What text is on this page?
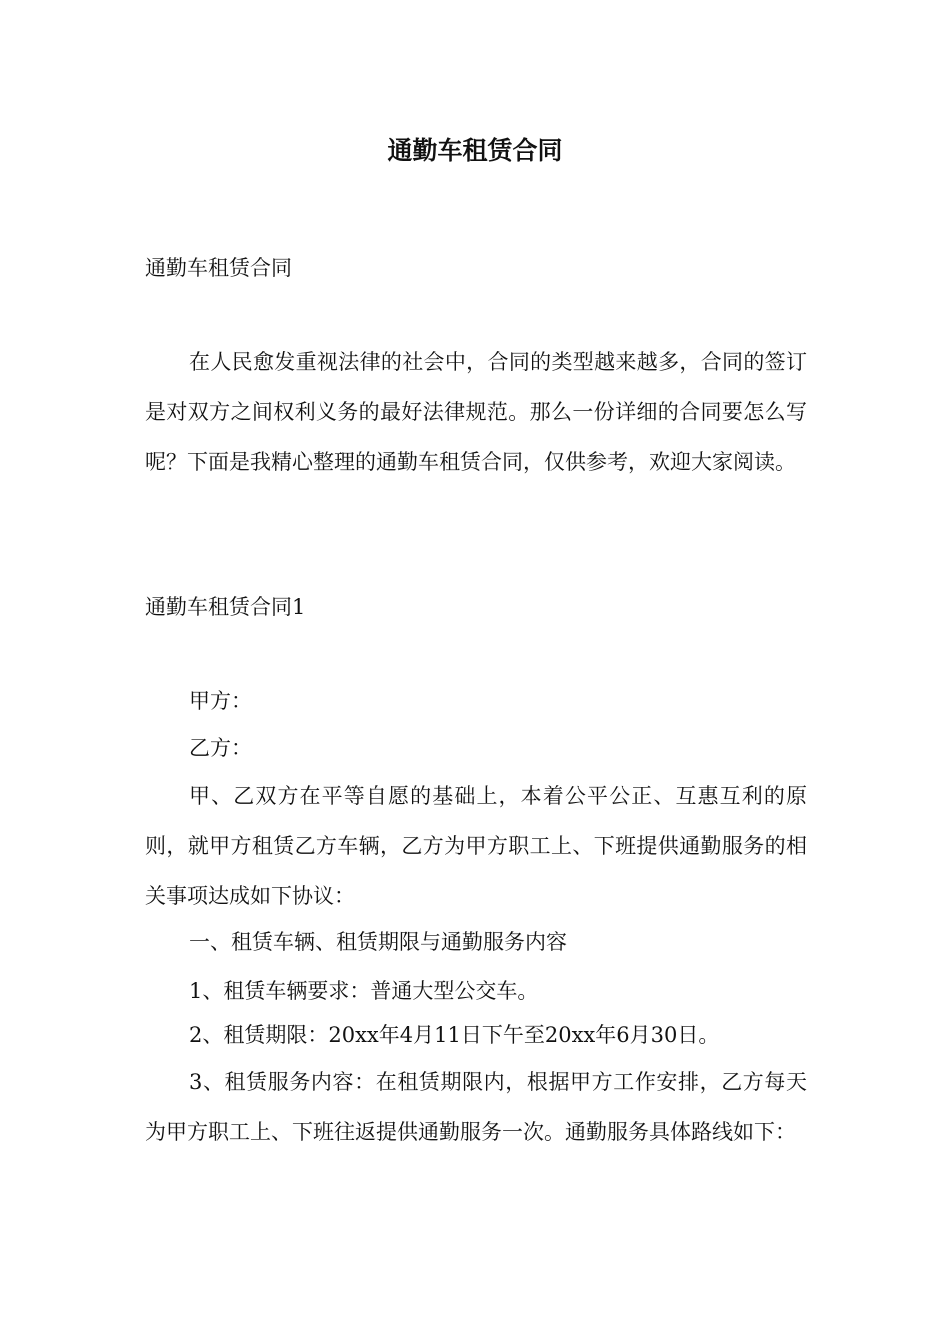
通勤车租赁合同

通勤车租赁合同

在人民愈发重视法律的社会中，合同的类型越来越多，合同的签订是对双方之间权利义务的最好法律规范。那么一份详细的合同要怎么写呢？下面是我精心整理的通勤车租赁合同，仅供参考，欢迎大家阅读。

通勤车租赁合同1

甲方：

乙方：

甲、乙双方在平等自愿的基础上，本着公平公正、互惠互利的原则，就甲方租赁乙方车辆，乙方为甲方职工上、下班提供通勤服务的相关事项达成如下协议：

一、租赁车辆、租赁期限与通勤服务内容

1、租赁车辆要求：普通大型公交车。

2、租赁期限：20xx年4月11日下午至20xx年6月30日。

3、租赁服务内容：在租赁期限内，根据甲方工作安排，乙方每天为甲方职工上、下班往返提供通勤服务一次。通勤服务具体路线如下：
